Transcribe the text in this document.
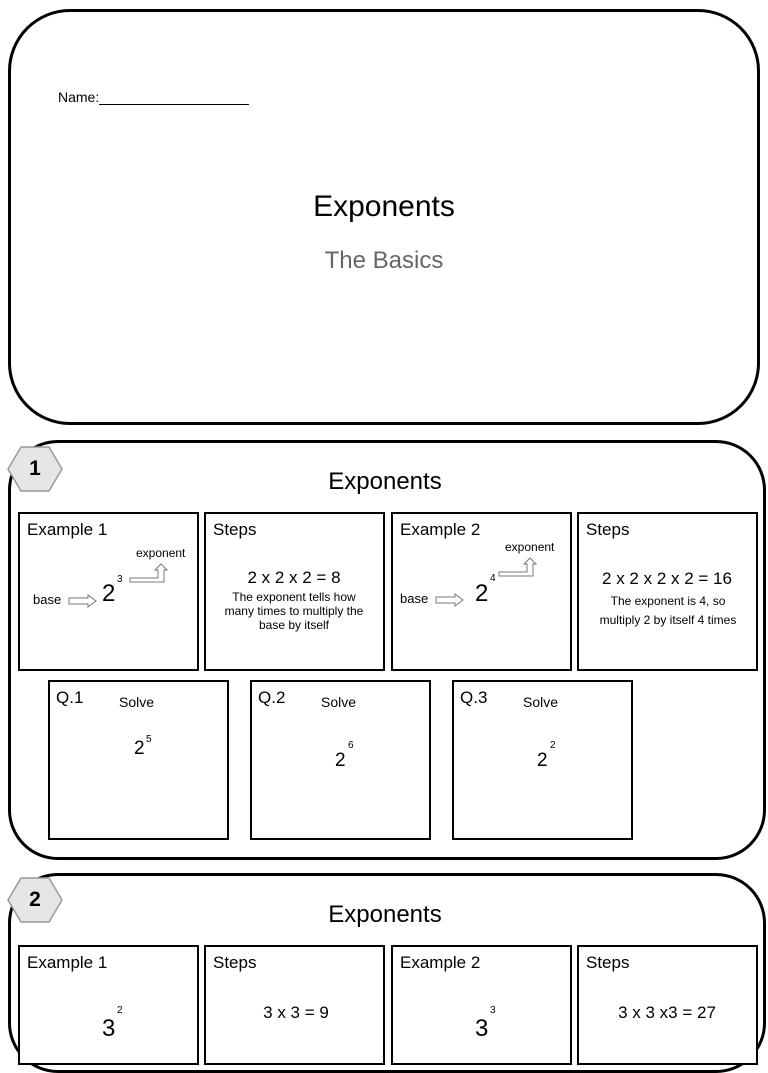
Name:
Exponents
The Basics
1	Exponents
Example 1
exponent
base 2
3
Steps
2 x 2 x 2 = 8
The exponent tells how many times to multiply the base by itself
Example 2
exponent
base 2
4
Steps
2 x 2 x 2 x 2 = 16
The exponent is 4, so multiply 2 by itself 4 times
Q.1	Solve
2 5
Q.2	Solve
2
6
Q.3	Solve
2
2
2
Exponents
Example 1
3
2
Steps
3 x 3 = 9
Example 2
3
3
Steps
3 x 3 x3 = 27
